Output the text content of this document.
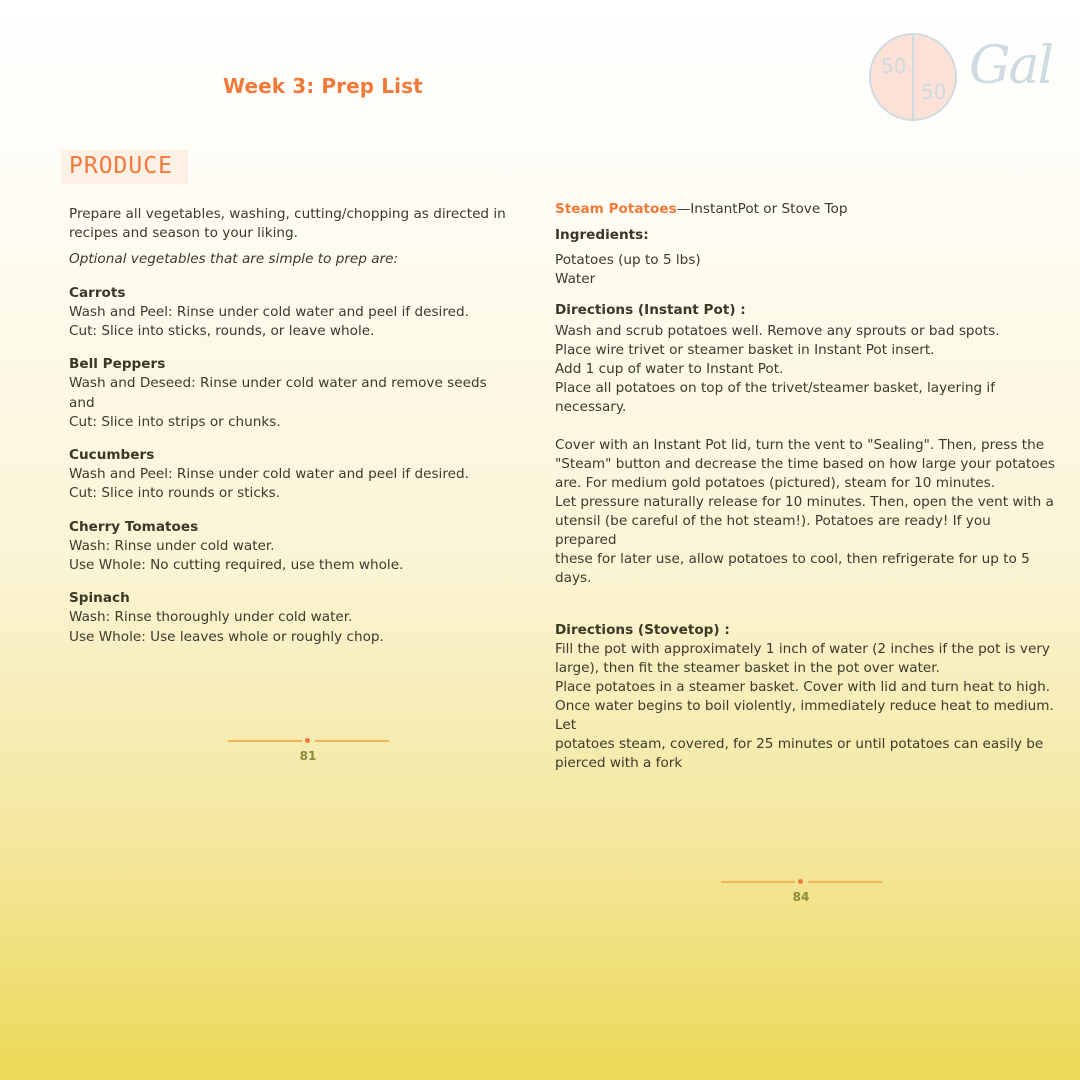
Week 3: Prep List
50
50 Gal
PRODUCE

Prepare all vegetables, washing, cutting/chopping as directed in recipes and season to your liking.

Optional vegetables that are simple to prep are:

Carrots

Wash and Peel: Rinse under cold water and peel if desired.

Cut: Slice into sticks, rounds, or leave whole.

Bell Peppers

Wash and Deseed: Rinse under cold water and remove seeds and

Cut: Slice into strips or chunks.

Cucumbers

Wash and Peel: Rinse under cold water and peel if desired.

Cut: Slice into rounds or sticks.

Cherry Tomatoes

Wash: Rinse under cold water.

Use Whole: No cutting required, use them whole.

Spinach

Wash: Rinse thoroughly under cold water.

Use Whole: Use leaves whole or roughly chop.

81

Steam Potatoes—InstantPot or Stove Top

Ingredients:

Potatoes (up to 5 lbs)

Water

Directions (Instant Pot) :

Wash and scrub potatoes well. Remove any sprouts or bad spots.

Place wire trivet or steamer basket in Instant Pot insert.

Add 1 cup of water to Instant Pot.

Place all potatoes on top of the trivet/steamer basket, layering if necessary.

Cover with an Instant Pot lid, turn the vent to "Sealing". Then, press the

"Steam" button and decrease the time based on how large your potatoes

are. For medium gold potatoes (pictured), steam for 10 minutes.

Let pressure naturally release for 10 minutes. Then, open the vent with a

utensil (be careful of the hot steam!). Potatoes are ready! If you prepared

these for later use, allow potatoes to cool, then refrigerate for up to 5 days.

Directions (Stovetop) :

Fill the pot with approximately 1 inch of water (2 inches if the pot is very

large), then fit the steamer basket in the pot over water.

Place potatoes in a steamer basket. Cover with lid and turn heat to high.

Once water begins to boil violently, immediately reduce heat to medium. Let

potatoes steam, covered, for 25 minutes or until potatoes can easily be

pierced with a fork

84
